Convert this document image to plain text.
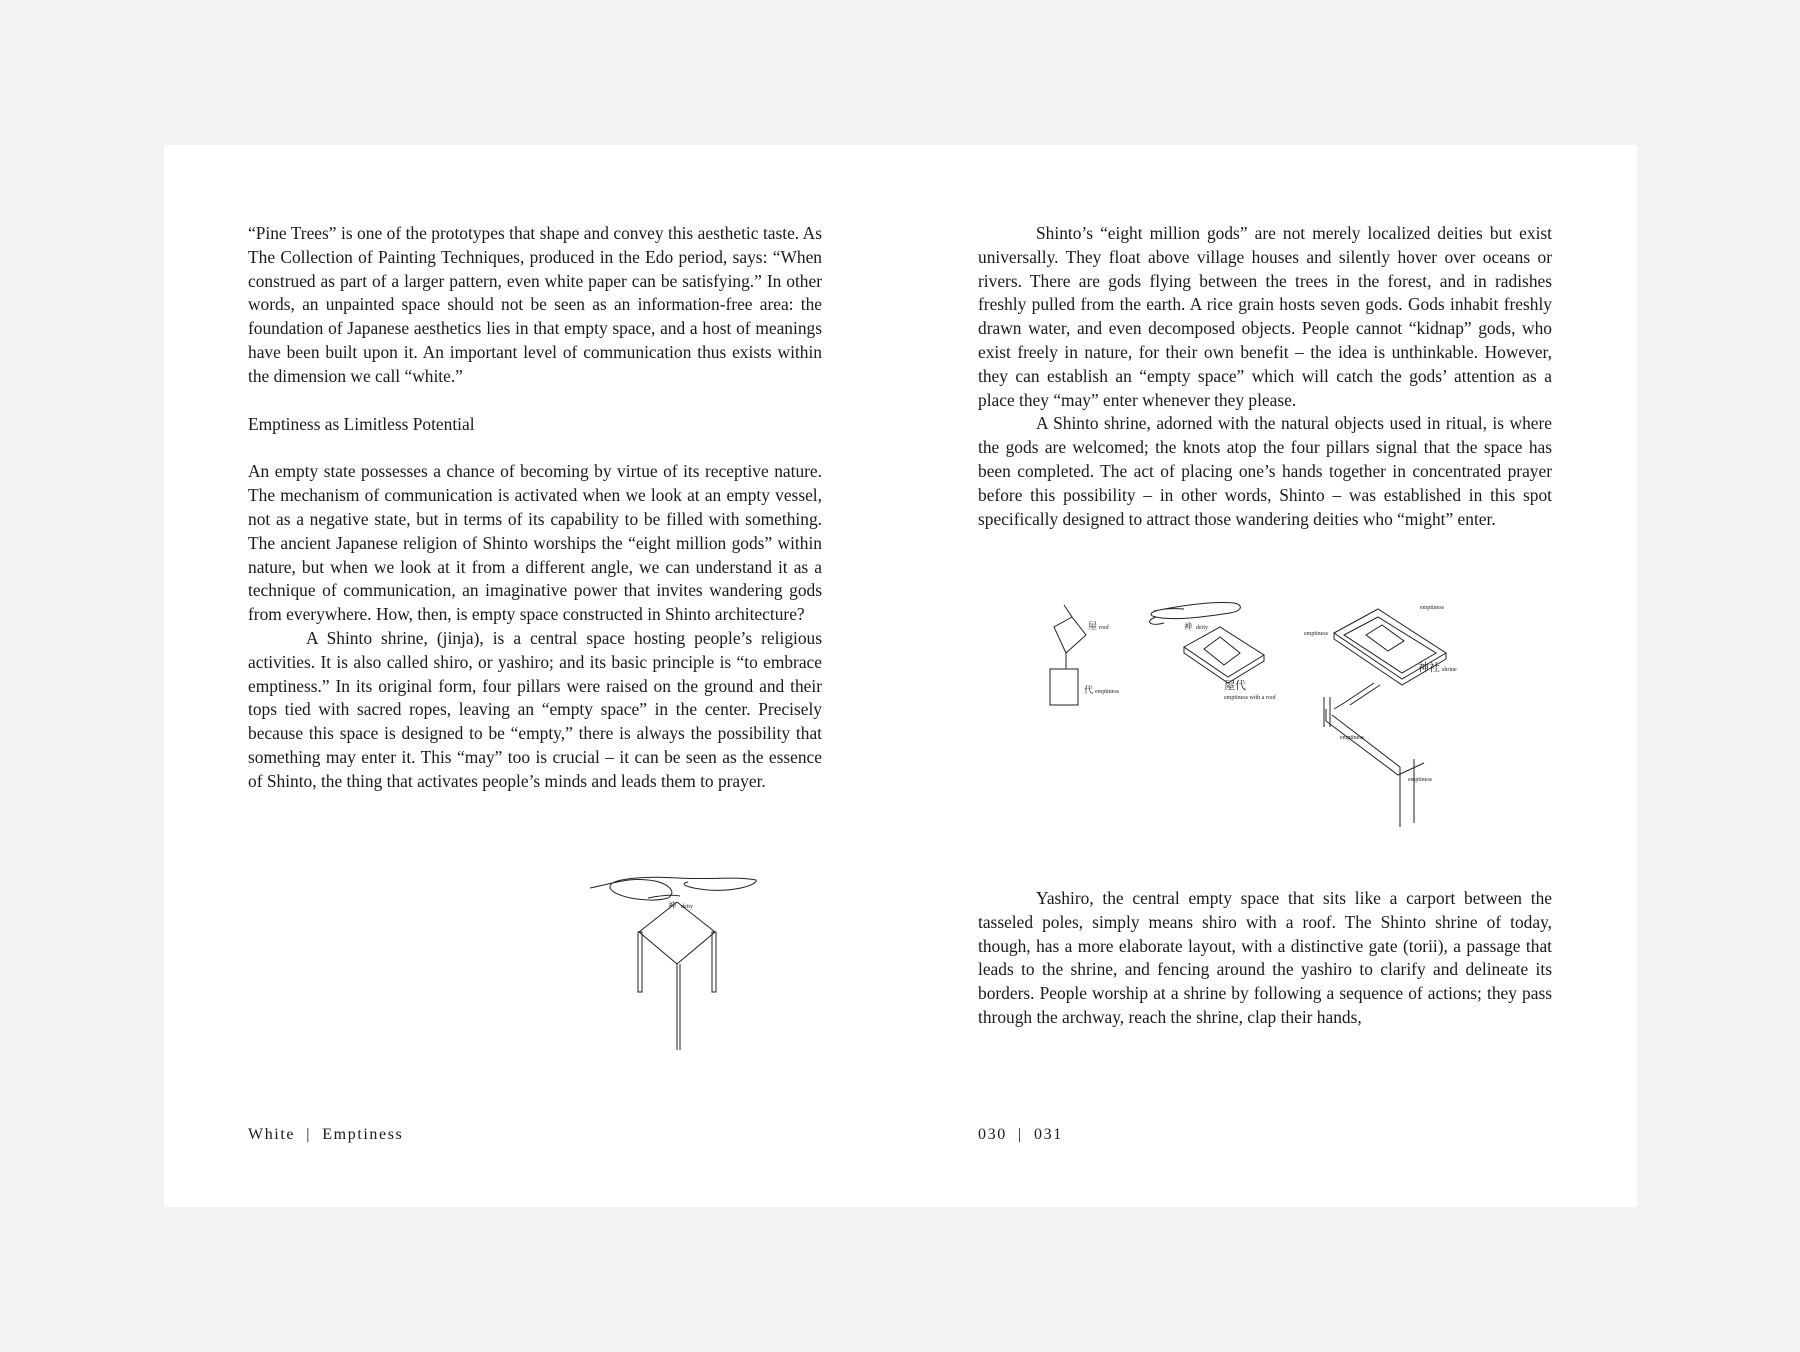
“Pine Trees” is one of the prototypes that shape and convey this aesthetic taste. As The Collection of Painting Techniques, produced in the Edo period, says: “When construed as part of a larger pattern, even white paper can be satisfying.” In other words, an unpainted space should not be seen as an information-free area: the foundation of Japanese aesthetics lies in that empty space, and a host of meanings have been built upon it. An important level of communication thus exists within the dimension we call “white.”

Emptiness as Limitless Potential

An empty state possesses a chance of becoming by virtue of its receptive nature. The mechanism of communication is activated when we look at an empty vessel, not as a negative state, but in terms of its capability to be filled with something. The ancient Japanese religion of Shinto worships the “eight million gods” within nature, but when we look at it from a different angle, we can understand it as a technique of communication, an imaginative power that invites wandering gods from everywhere. How, then, is empty space constructed in Shinto architecture?

A Shinto shrine, (jinja), is a central space hosting people’s religious activities. It is also called shiro, or yashiro; and its basic principle is “to embrace emptiness.” In its original form, four pillars were raised on the ground and their tops tied with sacred ropes, leaving an “empty space” in the center. Precisely because this space is designed to be “empty,” there is always the possibility that something may enter it. This “may” too is crucial – it can be seen as the essence of Shinto, the thing that activates people’s minds and leads them to prayer.

神 deity
White  |  Emptiness

Shinto’s “eight million gods” are not merely localized deities but exist universally. They float above village houses and silently hover over oceans or rivers. There are gods flying between the trees in the forest, and in radishes freshly pulled from the earth. A rice grain hosts seven gods. Gods inhabit freshly drawn water, and even decomposed objects. People cannot “kidnap” gods, who exist freely in nature, for their own benefit – the idea is unthinkable. However, they can establish an “empty space” which will catch the gods’ attention as a place they “may” enter whenever they please.

A Shinto shrine, adorned with the natural objects used in ritual, is where the gods are welcomed; the knots atop the four pillars signal that the space has been completed. The act of placing one’s hands together in concentrated prayer before this possibility – in other words, Shinto – was established in this spot specifically designed to attract those wandering deities who “might” enter.

屋 roof
代 emptiness
神 deity
屋代
emptiness with a roof
emptiness
emptiness
神社 shrine
emptiness
emptiness

Yashiro, the central empty space that sits like a carport between the tasseled poles, simply means shiro with a roof. The Shinto shrine of today, though, has a more elaborate layout, with a distinctive gate (torii), a passage that leads to the shrine, and fencing around the yashiro to clarify and delineate its borders. People worship at a shrine by following a sequence of actions; they pass through the archway, reach the shrine, clap their hands,

030  |  031
